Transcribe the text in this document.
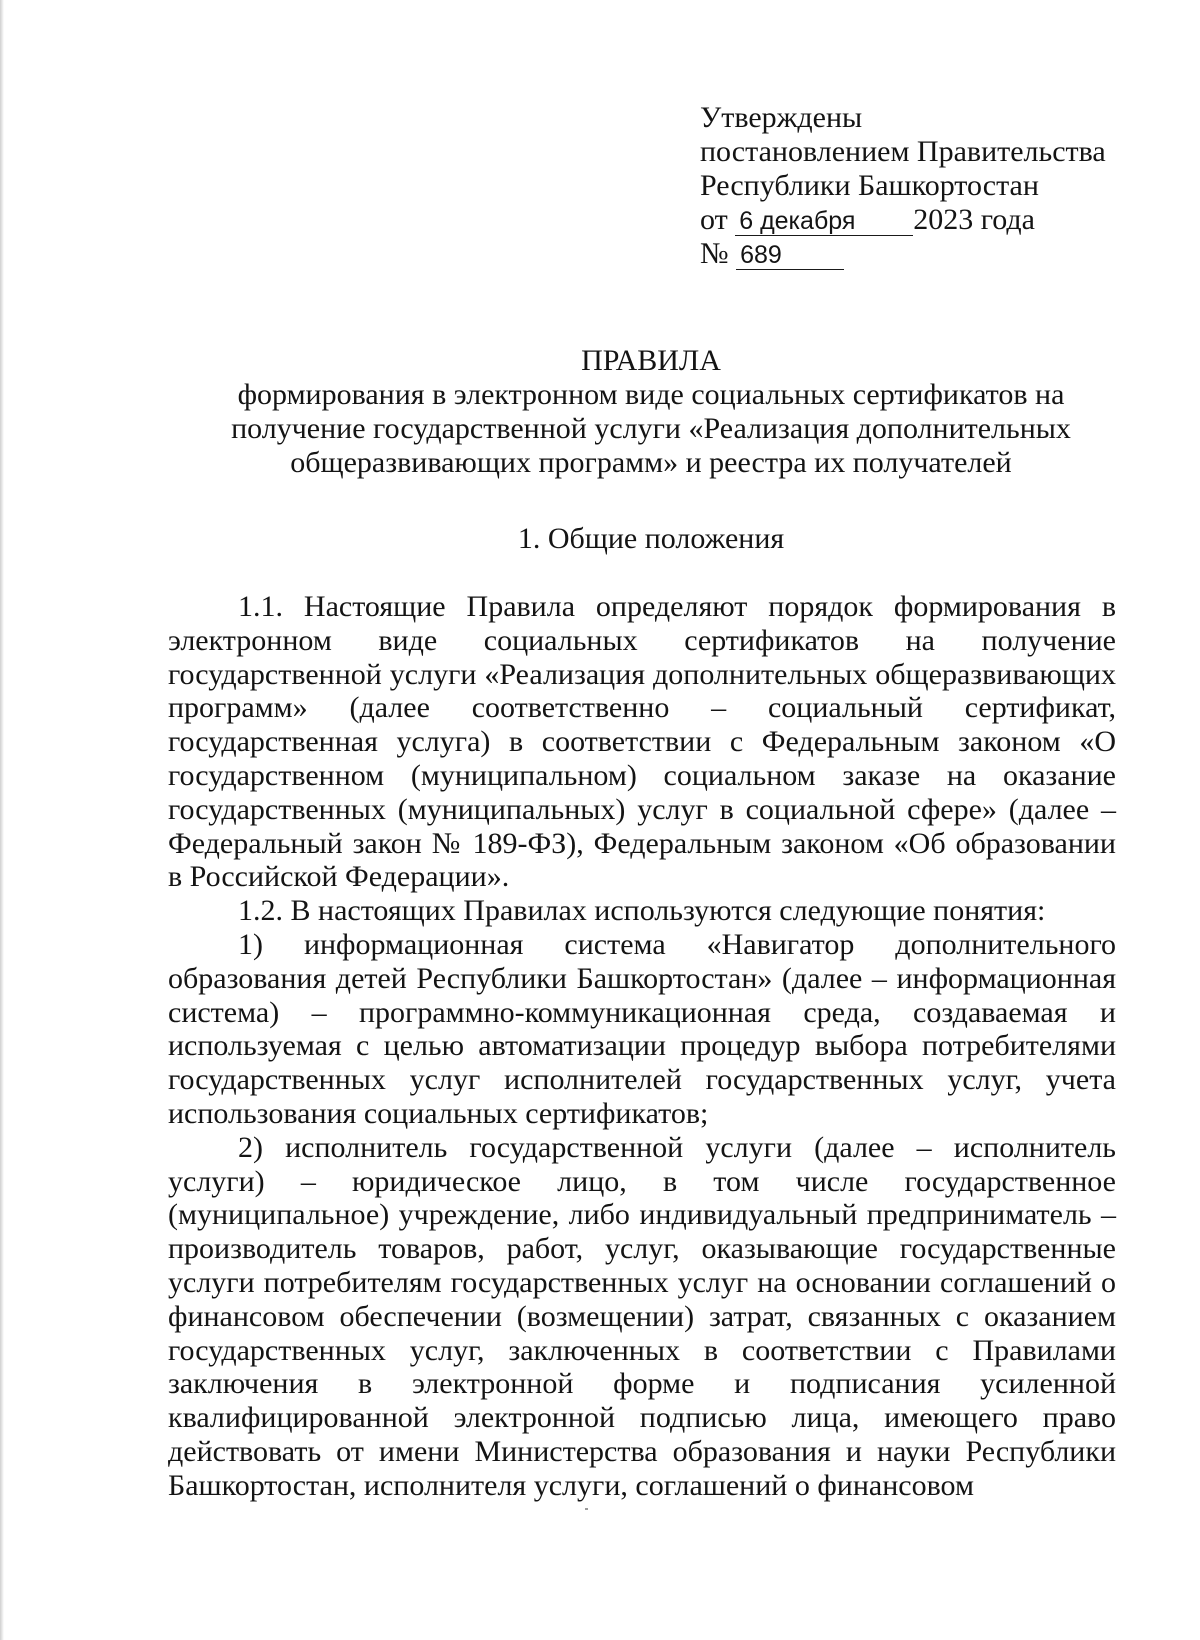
Утверждены
постановлением Правительства
Республики Башкортостан
от 6 декабря 2023 года
№ 689
ПРАВИЛА
формирования в электронном виде социальных сертификатов на
получение государственной услуги «Реализация дополнительных
общеразвивающих программ» и реестра их получателей
1. Общие положения

1.1. Настоящие Правила определяют порядок формирования в электронном виде социальных сертификатов на получение государственной услуги «Реализация дополнительных общеразвивающих программ» (далее соответственно – социальный сертификат, государственная услуга) в соответствии с Федеральным законом «О государственном (муниципальном) социальном заказе на оказание государственных (муниципальных) услуг в социальной сфере» (далее – Федеральный закон № 189-ФЗ), Федеральным законом «Об образовании в Российской Федерации».

1.2. В настоящих Правилах используются следующие понятия:

1) информационная система «Навигатор дополнительного образования детей Республики Башкортостан» (далее – информационная система) – программно-коммуникационная среда, создаваемая и используемая с целью автоматизации процедур выбора потребителями государственных услуг исполнителей государственных услуг, учета использования социальных сертификатов;

2) исполнитель государственной услуги (далее – исполнитель услуги) – юридическое лицо, в том числе государственное (муниципальное) учреждение, либо индивидуальный предприниматель – производитель товаров, работ, услуг, оказывающие государственные услуги потребителям государственных услуг на основании соглашений о финансовом обеспечении (возмещении) затрат, связанных с оказанием государственных услуг, заключенных в соответствии с Правилами заключения в электронной форме и подписания усиленной квалифицированной электронной подписью лица, имеющего право действовать от имени Министерства образования и науки Республики Башкортостан, исполнителя услуги, соглашений о финансовом
